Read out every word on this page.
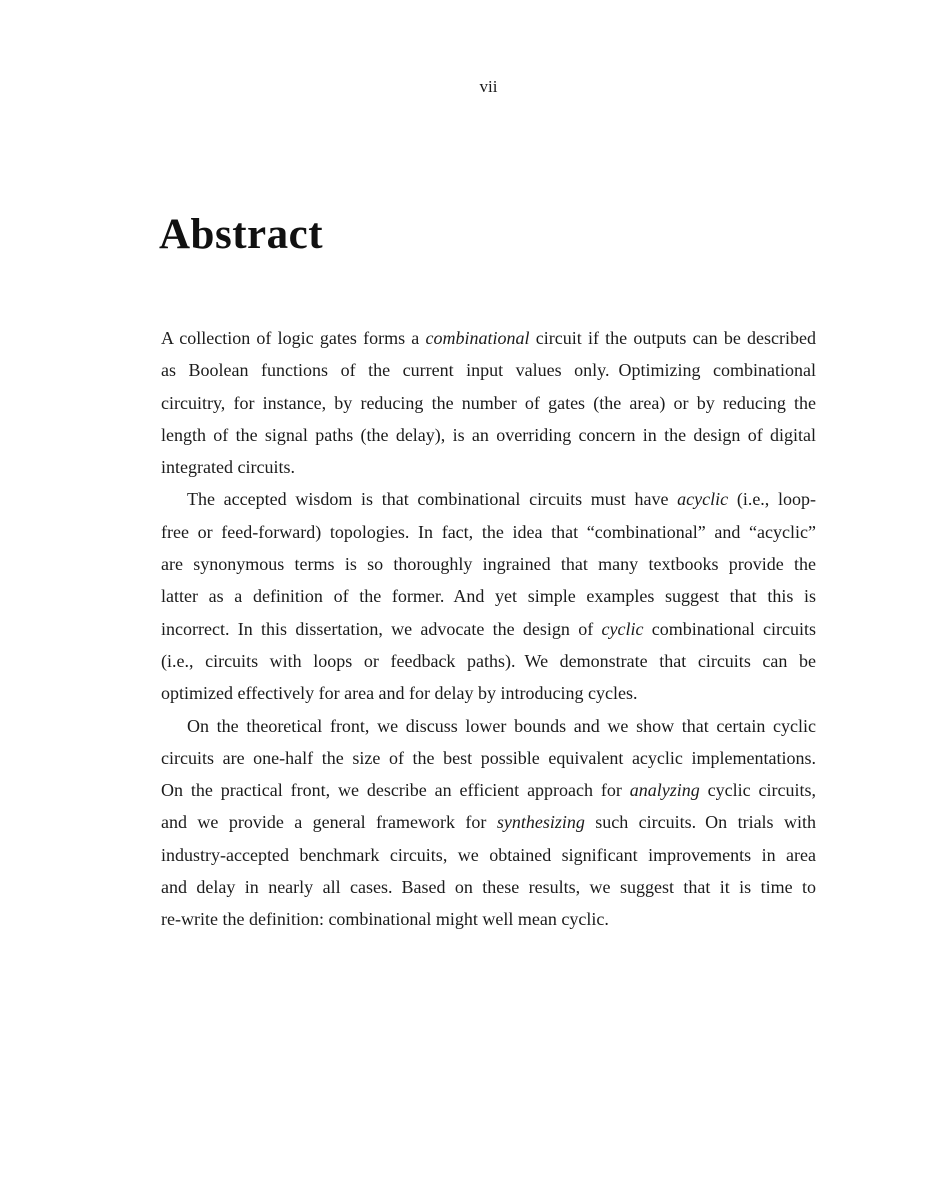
vii
Abstract
A collection of logic gates forms a combinational circuit if the outputs can be described
as Boolean functions of the current input values only. Optimizing combinational
circuitry, for instance, by reducing the number of gates (the area) or by reducing the
length of the signal paths (the delay), is an overriding concern in the design of digital
integrated circuits.
The accepted wisdom is that combinational circuits must have acyclic (i.e., loop-
free or feed-forward) topologies. In fact, the idea that “combinational” and “acyclic”
are synonymous terms is so thoroughly ingrained that many textbooks provide the
latter as a definition of the former. And yet simple examples suggest that this is
incorrect. In this dissertation, we advocate the design of cyclic combinational circuits
(i.e., circuits with loops or feedback paths). We demonstrate that circuits can be
optimized effectively for area and for delay by introducing cycles.
On the theoretical front, we discuss lower bounds and we show that certain cyclic
circuits are one-half the size of the best possible equivalent acyclic implementations.
On the practical front, we describe an efficient approach for analyzing cyclic circuits,
and we provide a general framework for synthesizing such circuits. On trials with
industry-accepted benchmark circuits, we obtained significant improvements in area
and delay in nearly all cases. Based on these results, we suggest that it is time to
re-write the definition: combinational might well mean cyclic.
